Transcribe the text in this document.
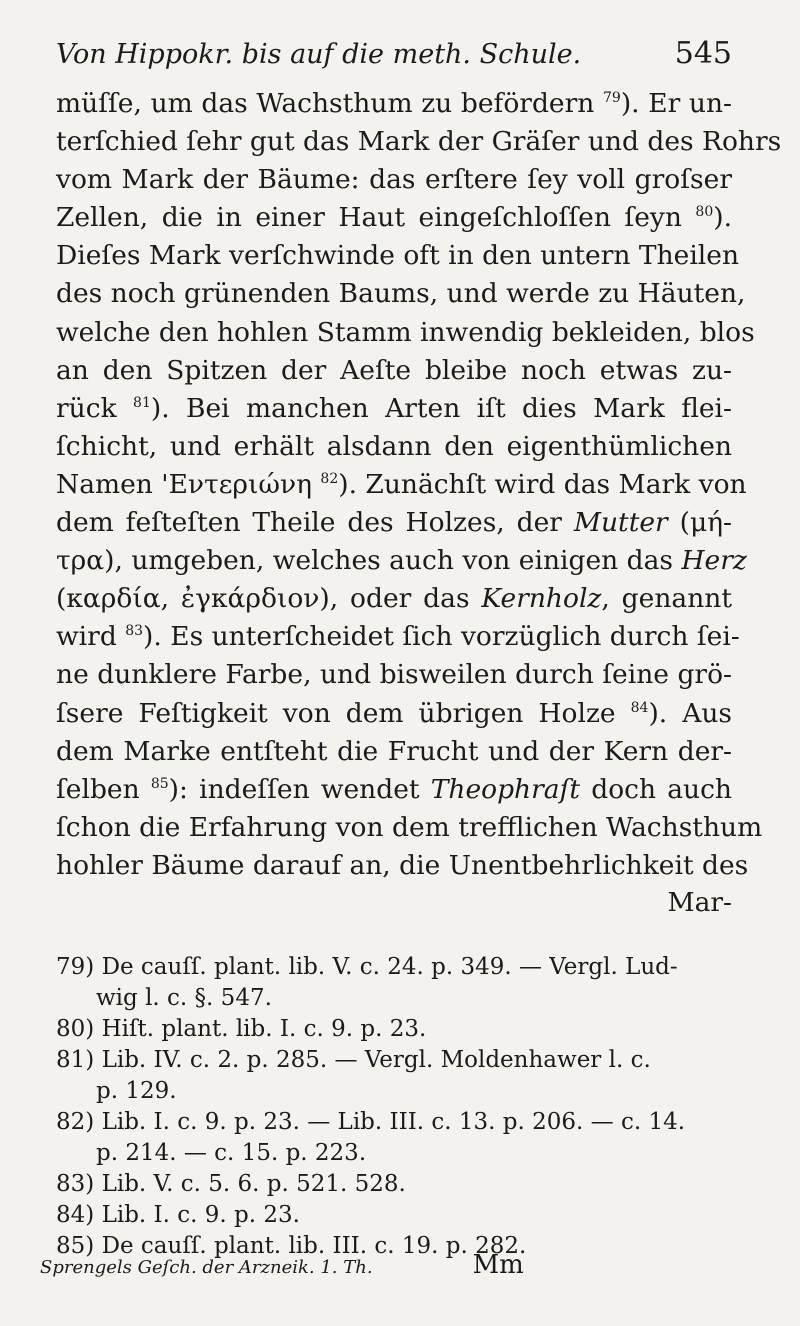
Von Hippokr. bis auf die meth. Schule.	545
müſſe, um das Wachsthum zu befördern $^{79}$). Er un-
terſchied ſehr gut das Mark der Gräſer und des Rohrs
vom Mark der Bäume: das erſtere ſey voll groſser
Zellen, die in einer Haut eingeſchloſſen ſeyn $^{80}$).
Dieſes Mark verſchwinde oft in den untern Theilen
des noch grünenden Baums, und werde zu Häuten,
welche den hohlen Stamm inwendig bekleiden, blos
an den Spitzen der Aeſte bleibe noch etwas zu-
rück $^{81}$). Bei manchen Arten iſt dies Mark flei-
ſchicht, und erhält alsdann den eigenthümlichen
Namen 'Εντεριώνη $^{82}$). Zunächſt wird das Mark von
dem feſteſten Theile des Holzes, der Mutter (μή-
τρα), umgeben, welches auch von einigen das Herz
(καρδία, ἐγκάρδιον), oder das Kernholz, genannt
wird $^{83}$). Es unterſcheidet ſich vorzüglich durch ſei-
ne dunklere Farbe, und bisweilen durch ſeine grö-
ſsere Feſtigkeit von dem übrigen Holze $^{84}$). Aus
dem Marke entſteht die Frucht und der Kern der-
ſelben $^{85}$): indeſſen wendet Theophraſt doch auch
ſchon die Erfahrung von dem trefflichen Wachsthum
hohler Bäume darauf an, die Unentbehrlichkeit des
Mar-
79) De cauſſ. plant. lib. V. c. 24. p. 349. — Vergl. Lud-
wig l. c. §. 547.
80) Hiſt. plant. lib. I. c. 9. p. 23.
81) Lib. IV. c. 2. p. 285. — Vergl. Moldenhawer l. c.
p. 129.
82) Lib. I. c. 9. p. 23. — Lib. III. c. 13. p. 206. — c. 14.
p. 214. — c. 15. p. 223.
83) Lib. V. c. 5. 6. p. 521. 528.
84) Lib. I. c. 9. p. 23.
85) De cauſſ. plant. lib. III. c. 19. p. 282.
Sprengels Geſch. der Arzneik. 1. Th.	Mm
